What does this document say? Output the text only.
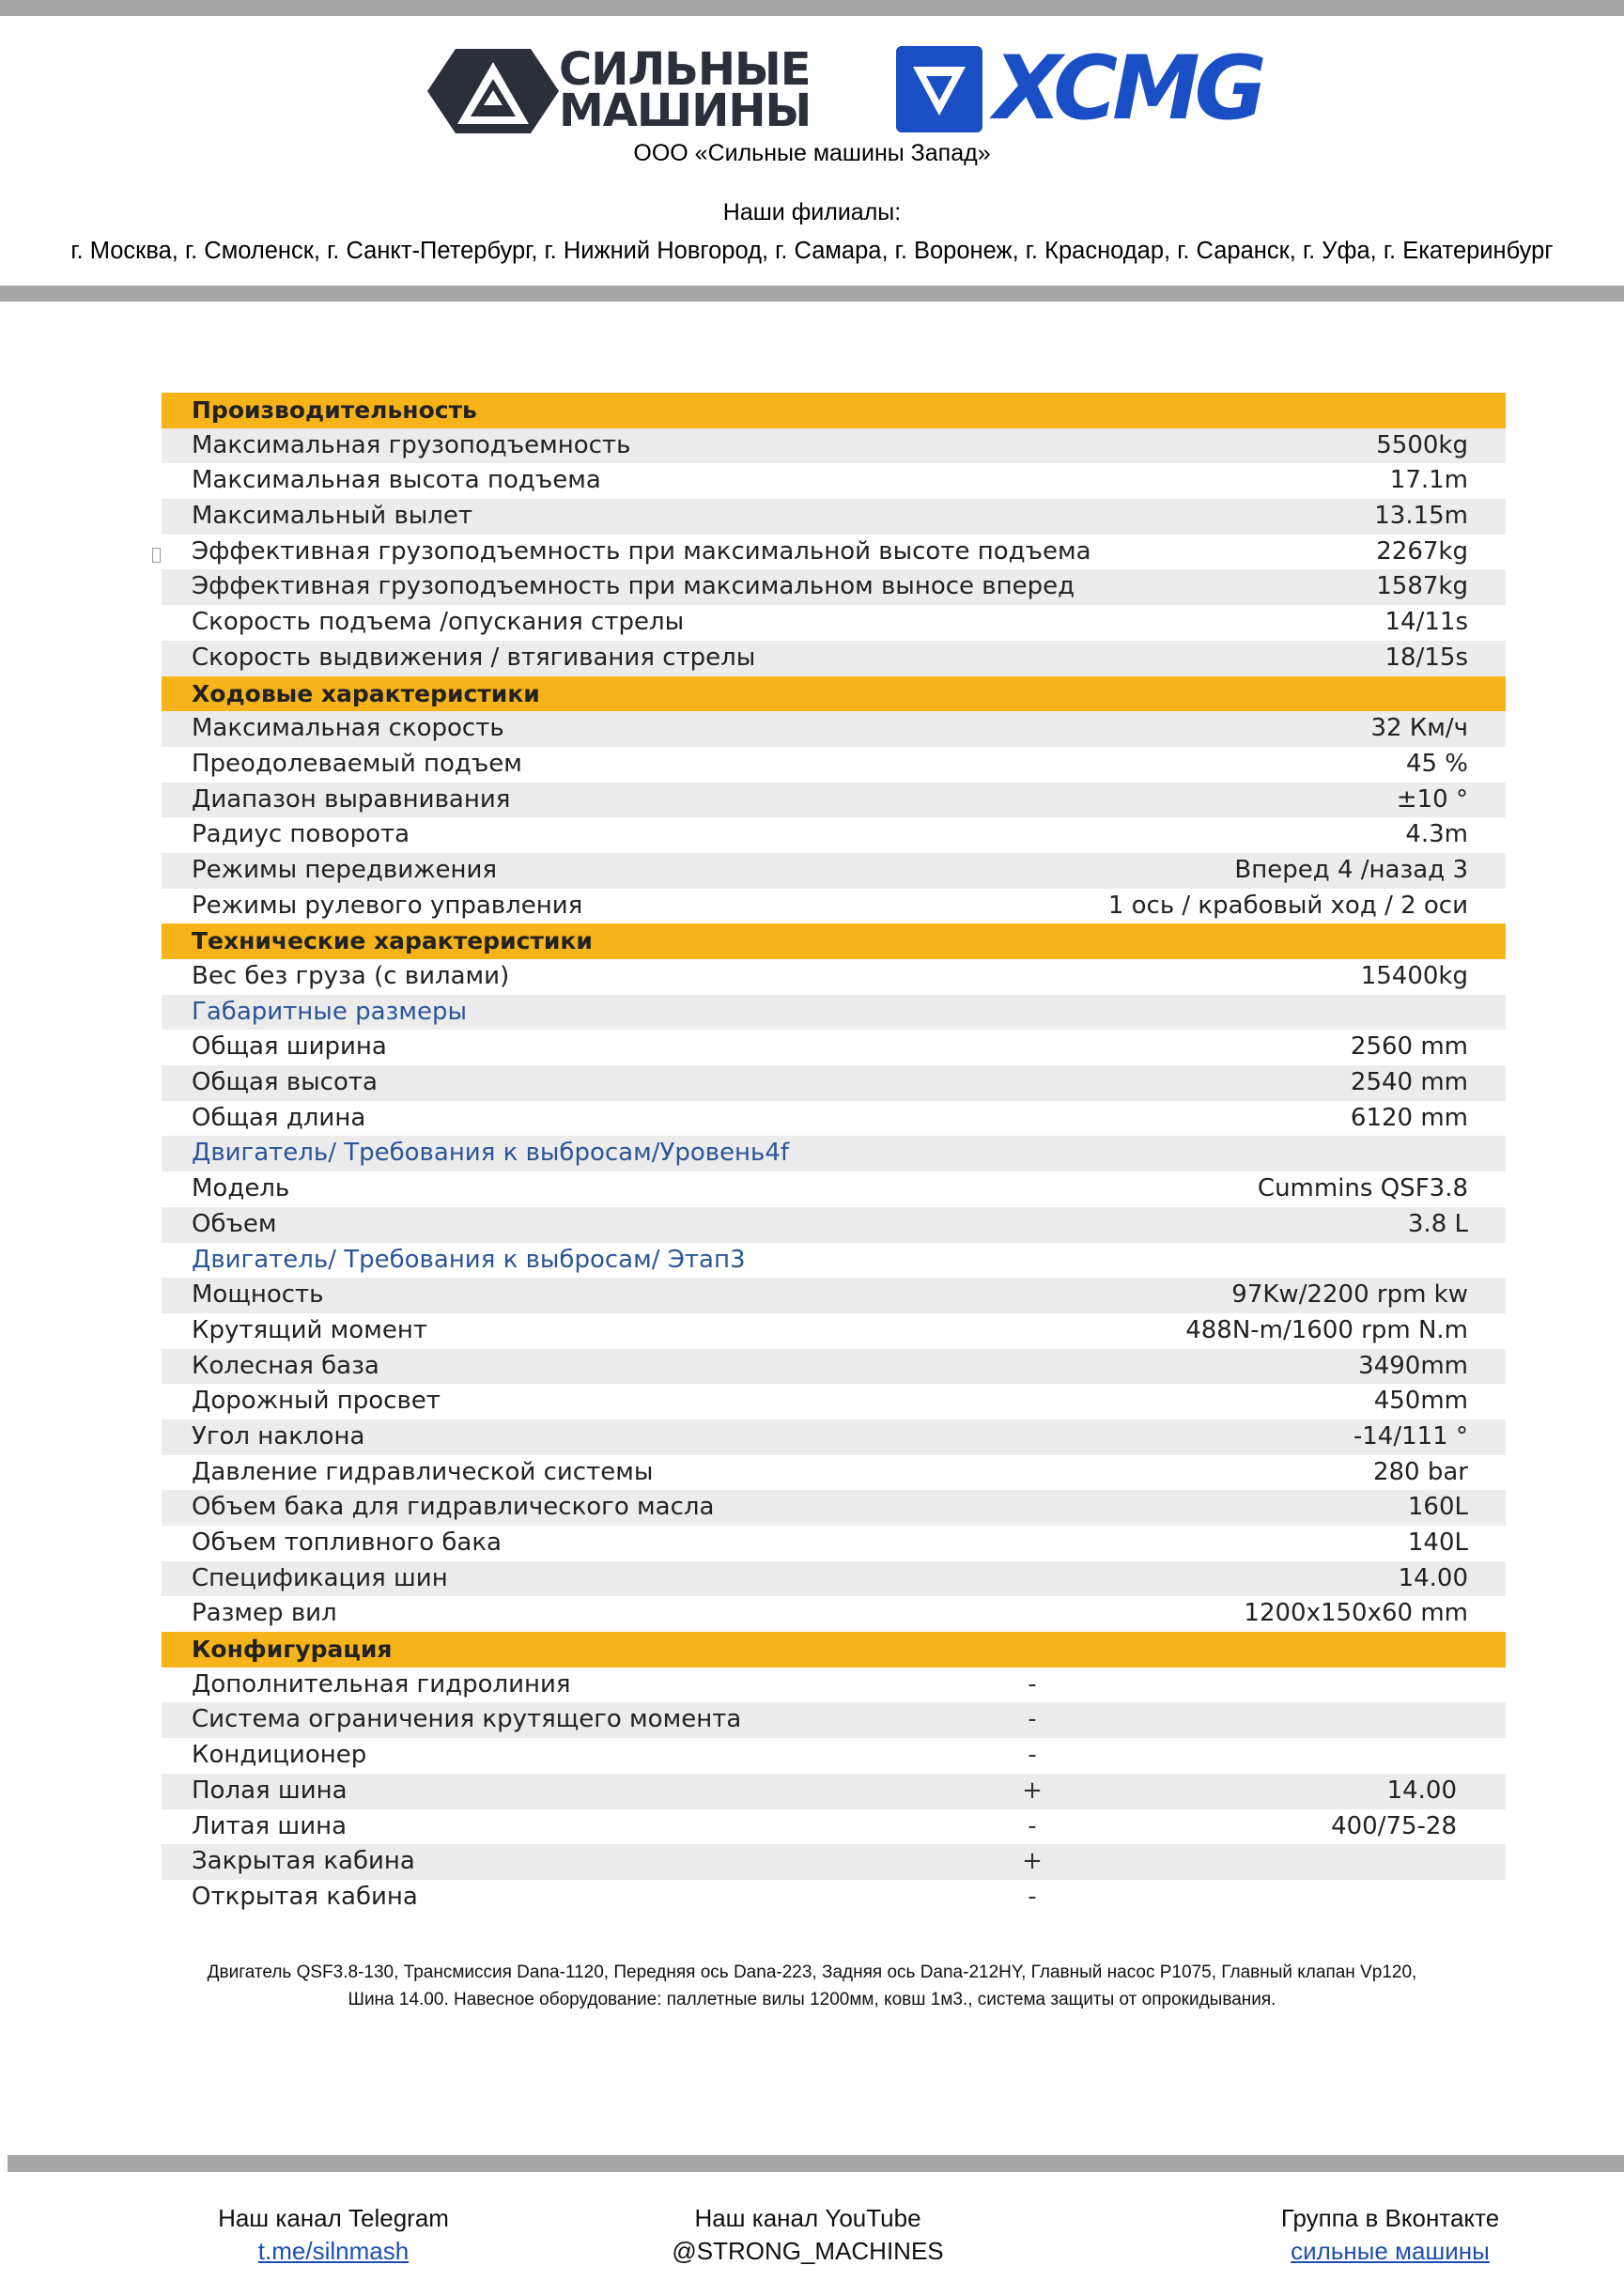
СИЛЬНЫЕ
МАШИНЫ XCMG
ООО «Сильные машины Запад»
Наши филиалы:
г. Москва, г. Смоленск, г. Санкт-Петербург, г. Нижний Новгород, г. Самара, г. Воронеж, г. Краснодар, г. Саранск, г. Уфа, г. Екатеринбург
Производительность
Максимальная грузоподъемность	5500kg
Максимальная высота подъема	17.1m
Максимальный вылет	13.15m
Эффективная грузоподъемность при максимальной высоте подъема	2267kg
Эффективная грузоподъемность при максимальном выносе вперед	1587kg
Скорость подъема /опускания стрелы	14/11s
Скорость выдвижения / втягивания стрелы	18/15s
Ходовые характеристики
Максимальная скорость	32 Км/ч
Преодолеваемый подъем	45 %
Диапазон выравнивания	±10 °
Радиус поворота	4.3m
Режимы передвижения	Вперед 4 /назад 3
Режимы рулевого управления	1 ось / крабовый ход / 2 оси
Технические характеристики
Вес без груза (с вилами)	15400kg
Габаритные размеры
Общая ширина	2560 mm
Общая высота	2540 mm
Общая длина	6120 mm
Двигатель/ Требования к выбросам/Уровень4f
Модель	Cummins QSF3.8
Объем	3.8 L
Двигатель/ Требования к выбросам/ Этап3
Мощность	97Kw/2200 rpm kw
Крутящий момент	488N-m/1600 rpm N.m
Колесная база	3490mm
Дорожный просвет	450mm
Угол наклона	-14/111 °
Давление гидравлической системы	280 bar
Объем бака для гидравлического масла	160L
Объем топливного бака	140L
Спецификация шин	14.00
Размер вил	1200x150x60 mm
Конфигурация
Дополнительная гидролиния	-
Система ограничения крутящего момента	-
Кондиционер	-
Полая шина	+	14.00
Литая шина	-	400/75-28
Закрытая кабина	+
Открытая кабина	-
Двигатель QSF3.8-130, Трансмиссия Dana-1120, Передняя ось Dana-223, Задняя ось Dana-212HY, Главный насос P1075, Главный клапан Vp120, Шина 14.00. Навесное оборудование: паллетные вилы 1200мм, ковш 1м3., система защиты от опрокидывания.
Наш канал Telegram
t.me/silnmash
Наш канал YouTube
@STRONG_MACHINES
Группа в Вконтакте
сильные машины
